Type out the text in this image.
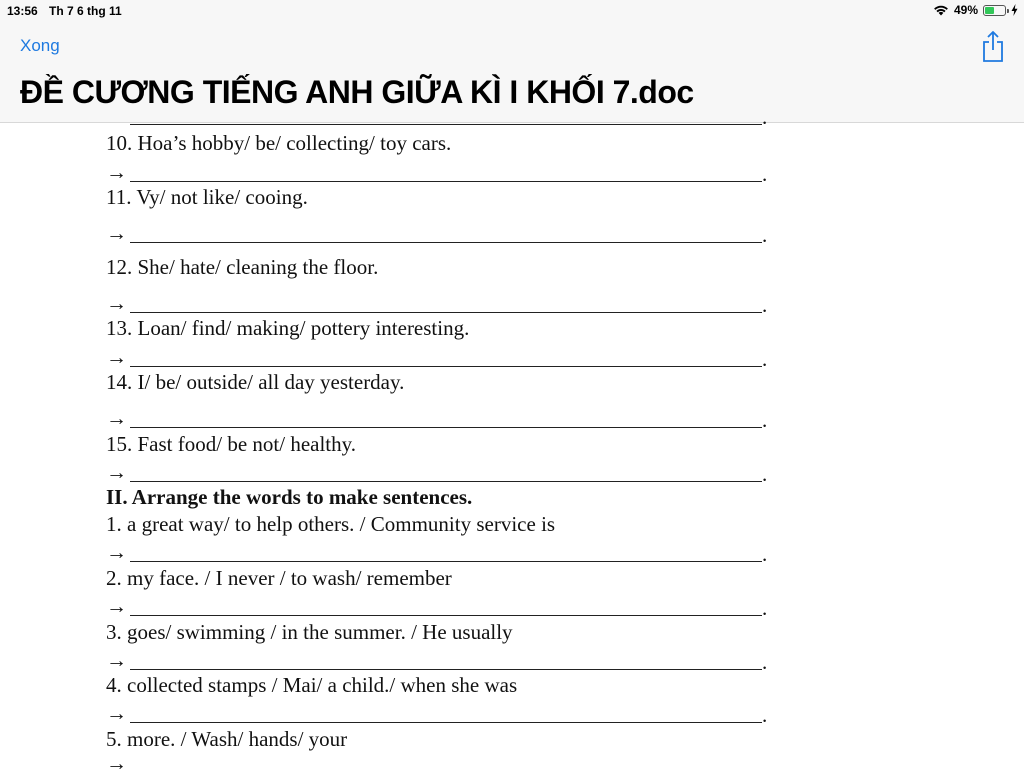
13:56 Th 7 6 thg 11	49%
Xong
ĐỀ CƯƠNG TIẾNG ANH GIỮA KÌ I KHỐI 7.doc
.
10. Hoa’s hobby/ be/ collecting/ toy cars.
→	.
11. Vy/ not like/ cooing.
→	.
12. She/ hate/ cleaning the floor.
→	.
13. Loan/ find/ making/ pottery interesting.
→	.
14. I/ be/ outside/ all day yesterday.
→	.
15. Fast food/ be not/ healthy.
→	.
II. Arrange the words to make sentences.
1. a great way/ to help others. / Community service is
→	.
2. my face. / I never / to wash/ remember
→	.
3. goes/ swimming / in the summer. / He usually
→	.
4. collected stamps / Mai/ a child./ when she was
→	.
5. more. / Wash/ hands/ your
→
